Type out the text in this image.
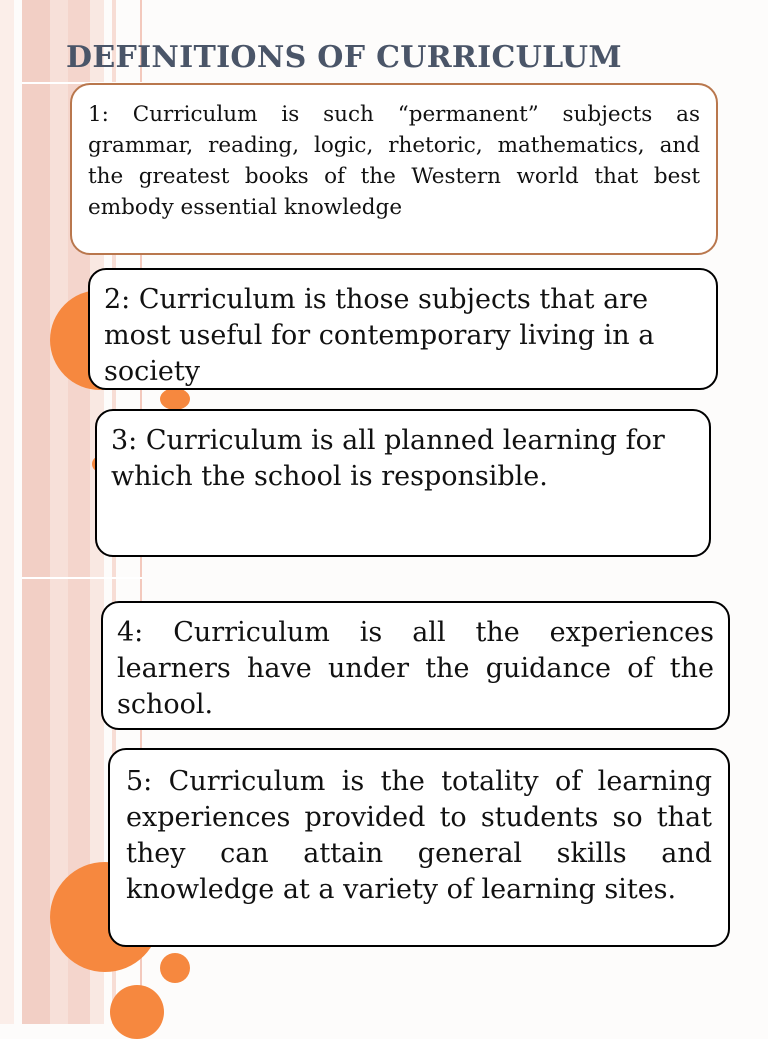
DEFINITIONS OF CURRICULUM

1: Curriculum is such “permanent” subjects as grammar, reading, logic, rhetoric, mathematics, and the greatest books of the Western world that best embody essential knowledge

2: Curriculum is those subjects that are most useful for contemporary living in a society

3: Curriculum is all planned learning for which the school is responsible.

4: Curriculum is all the experiences learners have under the guidance of the school.

5: Curriculum is the totality of learning experiences provided to students so that they can attain general skills and knowledge at a variety of learning sites.
